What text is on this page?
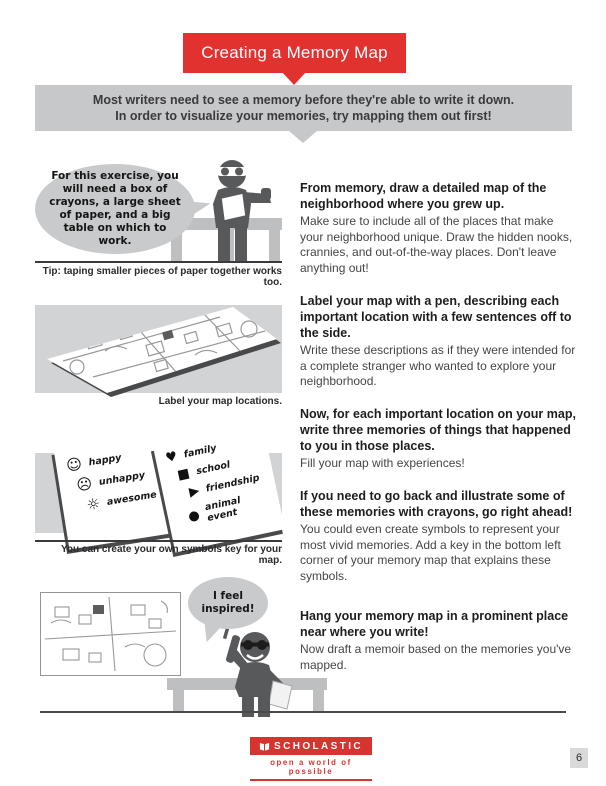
Creating a Memory Map
Most writers need to see a memory before they're able to write it down.
In order to visualize your memories, try mapping them out first!
For this exercise, you will need a box of crayons, a large sheet of paper, and a big table on which to work.
Tip: taping smaller pieces of paper together works too.
Label your map locations.
☺ happy
☹ unhappy
☼ awesome
♥ family
■ school
▶ friendship
●
animal event
You can create your own symbols key for your map.
I feel inspired!
From memory, draw a detailed map of the neighborhood where you grew up.
Make sure to include all of the places that make your neighborhood unique. Draw the hidden nooks, crannies, and out-of-the-way places. Don't leave anything out!
Label your map with a pen, describing each important location with a few sentences off to the side.
Write these descriptions as if they were intended for a complete stranger who wanted to explore your neighborhood.
Now, for each important location on your map, write three memories of things that happened to you in those places.
Fill your map with experiences!
If you need to go back and illustrate some of these memories with crayons, go right ahead!
You could even create symbols to represent your most vivid memories. Add a key in the bottom left corner of your memory map that explains these symbols.
Hang your memory map in a prominent place near where you write!
Now draft a memoir based on the memories you've mapped.
SCHOLASTIC
open a world of possible
6
